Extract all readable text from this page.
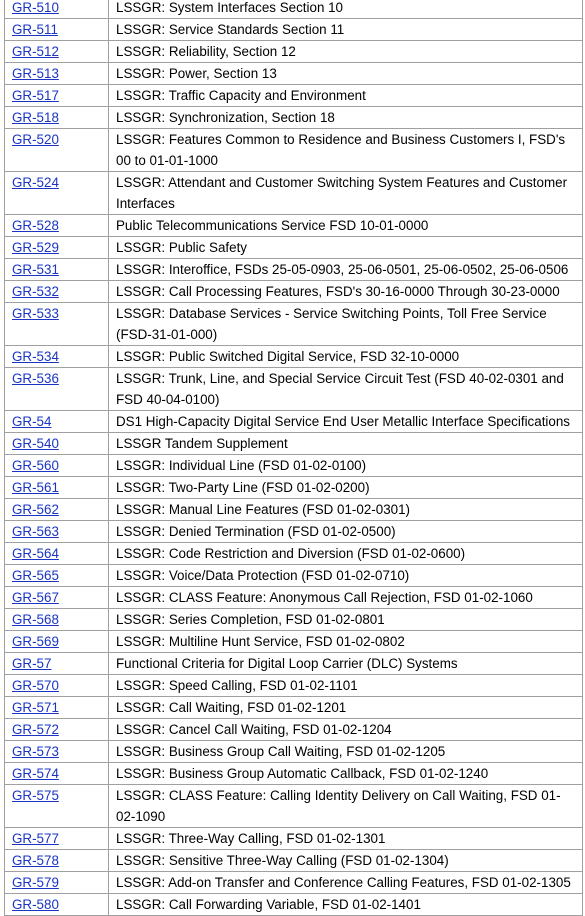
GR-510	LSSGR: System Interfaces Section 10
GR-511	LSSGR: Service Standards Section 11
GR-512	LSSGR: Reliability, Section 12
GR-513	LSSGR: Power, Section 13
GR-517	LSSGR: Traffic Capacity and Environment
GR-518	LSSGR: Synchronization, Section 18
GR-520	LSSGR: Features Common to Residence and Business Customers I, FSD's 00 to 01-01-1000
GR-524	LSSGR: Attendant and Customer Switching System Features and Customer Interfaces
GR-528	Public Telecommunications Service FSD 10-01-0000
GR-529	LSSGR: Public Safety
GR-531	LSSGR: Interoffice, FSDs 25-05-0903, 25-06-0501, 25-06-0502, 25-06-0506
GR-532	LSSGR: Call Processing Features, FSD's 30-16-0000 Through 30-23-0000
GR-533	LSSGR: Database Services - Service Switching Points, Toll Free Service (FSD-31-01-000)
GR-534	LSSGR: Public Switched Digital Service, FSD 32-10-0000
GR-536	LSSGR: Trunk, Line, and Special Service Circuit Test (FSD 40-02-0301 and FSD 40-04-0100)
GR-54	DS1 High-Capacity Digital Service End User Metallic Interface Specifications
GR-540	LSSGR Tandem Supplement
GR-560	LSSGR: Individual Line (FSD 01-02-0100)
GR-561	LSSGR: Two-Party Line (FSD 01-02-0200)
GR-562	LSSGR: Manual Line Features (FSD 01-02-0301)
GR-563	LSSGR: Denied Termination (FSD 01-02-0500)
GR-564	LSSGR: Code Restriction and Diversion (FSD 01-02-0600)
GR-565	LSSGR: Voice/Data Protection (FSD 01-02-0710)
GR-567	LSSGR: CLASS Feature: Anonymous Call Rejection, FSD 01-02-1060
GR-568	LSSGR: Series Completion, FSD 01-02-0801
GR-569	LSSGR: Multiline Hunt Service, FSD 01-02-0802
GR-57	Functional Criteria for Digital Loop Carrier (DLC) Systems
GR-570	LSSGR: Speed Calling, FSD 01-02-1101
GR-571	LSSGR: Call Waiting, FSD 01-02-1201
GR-572	LSSGR: Cancel Call Waiting, FSD 01-02-1204
GR-573	LSSGR: Business Group Call Waiting, FSD 01-02-1205
GR-574	LSSGR: Business Group Automatic Callback, FSD 01-02-1240
GR-575	LSSGR: CLASS Feature: Calling Identity Delivery on Call Waiting, FSD 01-02-1090
GR-577	LSSGR: Three-Way Calling, FSD 01-02-1301
GR-578	LSSGR: Sensitive Three-Way Calling (FSD 01-02-1304)
GR-579	LSSGR: Add-on Transfer and Conference Calling Features, FSD 01-02-1305
GR-580	LSSGR: Call Forwarding Variable, FSD 01-02-1401
